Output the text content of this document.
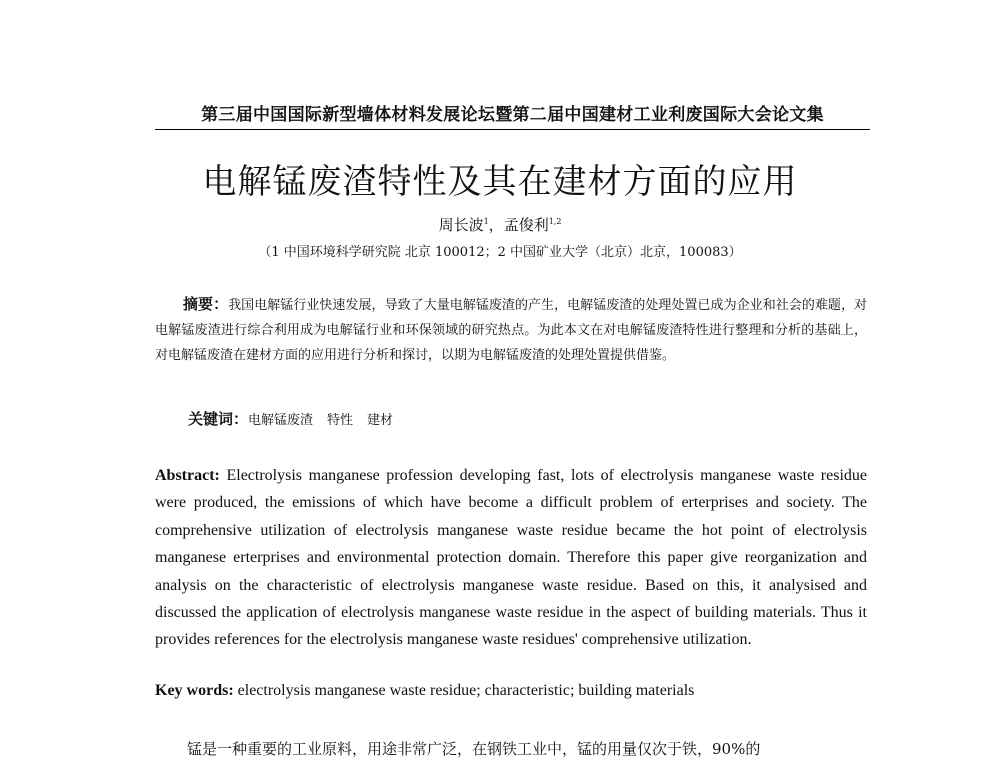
第三届中国国际新型墙体材料发展论坛暨第二届中国建材工业利废国际大会论文集
电解锰废渣特性及其在建材方面的应用
周长波$^1$，孟俊利$^{1,2}$
（1 中国环境科学研究院 北京 100012；2 中国矿业大学（北京）北京，100083）
摘要：我国电解锰行业快速发展，导致了大量电解锰废渣的产生，电解锰废渣的处理处置已成为企业和社会的难题，对电解锰废渣进行综合利用成为电解锰行业和环保领域的研究热点。为此本文在对电解锰废渣特性进行整理和分析的基础上，对电解锰废渣在建材方面的应用进行分析和探讨，以期为电解锰废渣的处理处置提供借鉴。
关键词：电解锰废渣 特性 建材
Abstract: Electrolysis manganese profession developing fast, lots of electrolysis manganese waste residue were produced, the emissions of which have become a difficult problem of erterprises and society. The comprehensive utilization of electrolysis manganese waste residue became the hot point of electrolysis manganese erterprises and environmental protection domain. Therefore this paper give reorganization and analysis on the characteristic of electrolysis manganese waste residue. Based on this, it analysised and discussed the application of electrolysis manganese waste residue in the aspect of building materials. Thus it provides references for the electrolysis manganese waste residues' comprehensive utilization.
Key words: electrolysis manganese waste residue; characteristic; building materials
锰是一种重要的工业原料，用途非常广泛，在钢铁工业中，锰的用量仅次于铁，90%的
